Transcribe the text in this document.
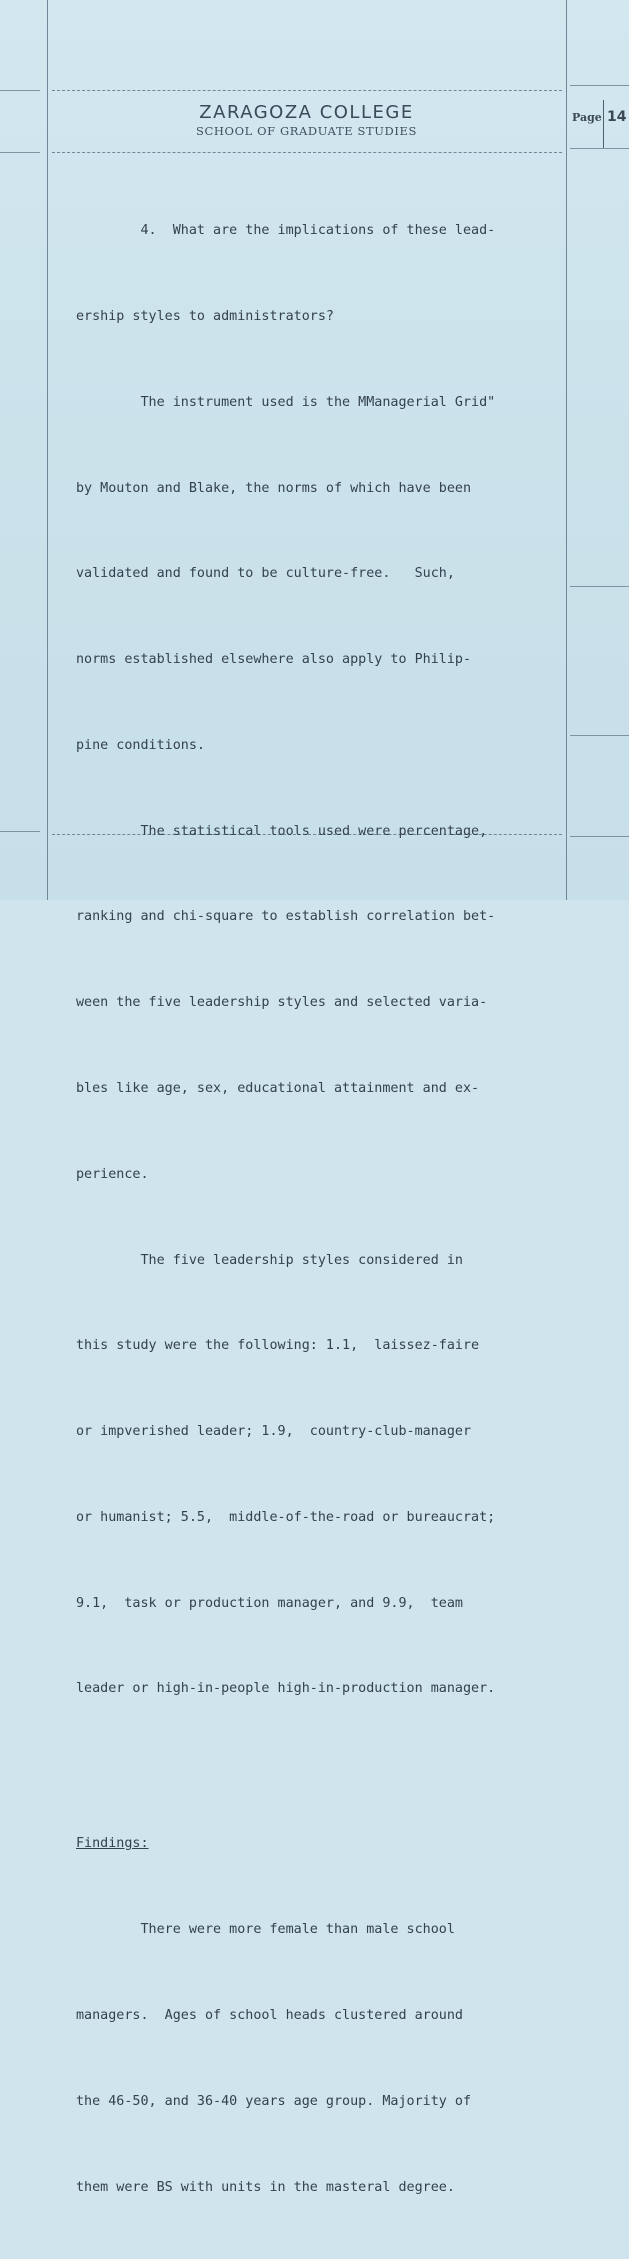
ZARAGOZA COLLEGE
SCHOOL OF GRADUATE STUDIES
Page 14

4.  What are the implications of these lead-

ership styles to administrators?

The instrument used is the MManagerial Grid"

by Mouton and Blake, the norms of which have been

validated and found to be culture-free.   Such,

norms established elsewhere also apply to Philip-

pine conditions.

The statistical tools used were percentage,

ranking and chi-square to establish correlation bet-

ween the five leadership styles and selected varia-

bles like age, sex, educational attainment and ex-

perience.

The five leadership styles considered in

this study were the following: 1.1,  laissez-faire

or impverished leader; 1.9,  country-club-manager

or humanist; 5.5,  middle-of-the-road or bureaucrat;

9.1,  task or production manager, and 9.9,  team

leader or high-in-people high-in-production manager.

Findings:

There were more female than male school

managers.  Ages of school heads clustered around

the 46-50, and 36-40 years age group. Majority of

them were BS with units in the masteral degree.
